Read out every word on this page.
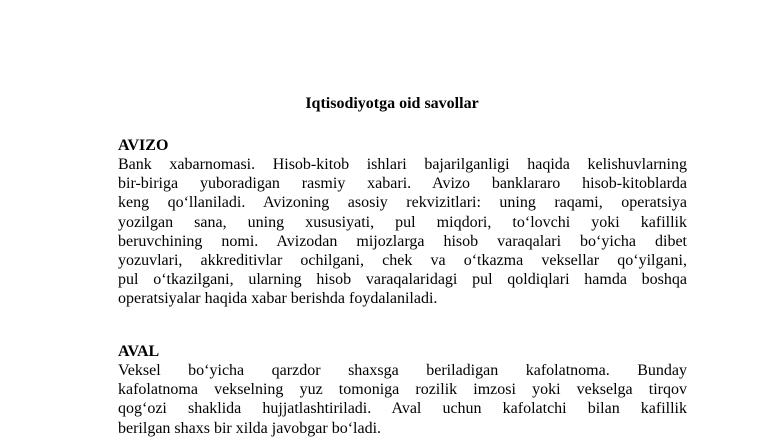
Iqtisodiyotga oid savollar
AVIZO
Bank xabarnomasi. Hisob-kitob ishlari bajarilganligi haqida kelishuvlarning
bir-biriga yuboradigan rasmiy xabari. Avizo banklararo hisob-kitoblarda
keng qo‘llaniladi. Avizoning asosiy rekvizitlari: uning raqami, operatsiya
yozilgan sana, uning xususiyati, pul miqdori, to‘lovchi yoki kafillik
beruvchining nomi. Avizodan mijozlarga hisob varaqalari bo‘yicha dibet
yozuvlari, akkreditivlar ochilgani, chek va o‘tkazma veksellar qo‘yilgani,
pul o‘tkazilgani, ularning hisob varaqalaridagi pul qoldiqlari hamda boshqa
operatsiyalar haqida xabar berishda foydalaniladi.
AVAL
Veksel bo‘yicha qarzdor shaxsga beriladigan kafolatnoma. Bunday
kafolatnoma vekselning yuz tomoniga rozilik imzosi yoki vekselga tirqov
qog‘ozi shaklida hujjatlashtiriladi. Aval uchun kafolatchi bilan kafillik
berilgan shaxs bir xilda javobgar bo‘ladi.
